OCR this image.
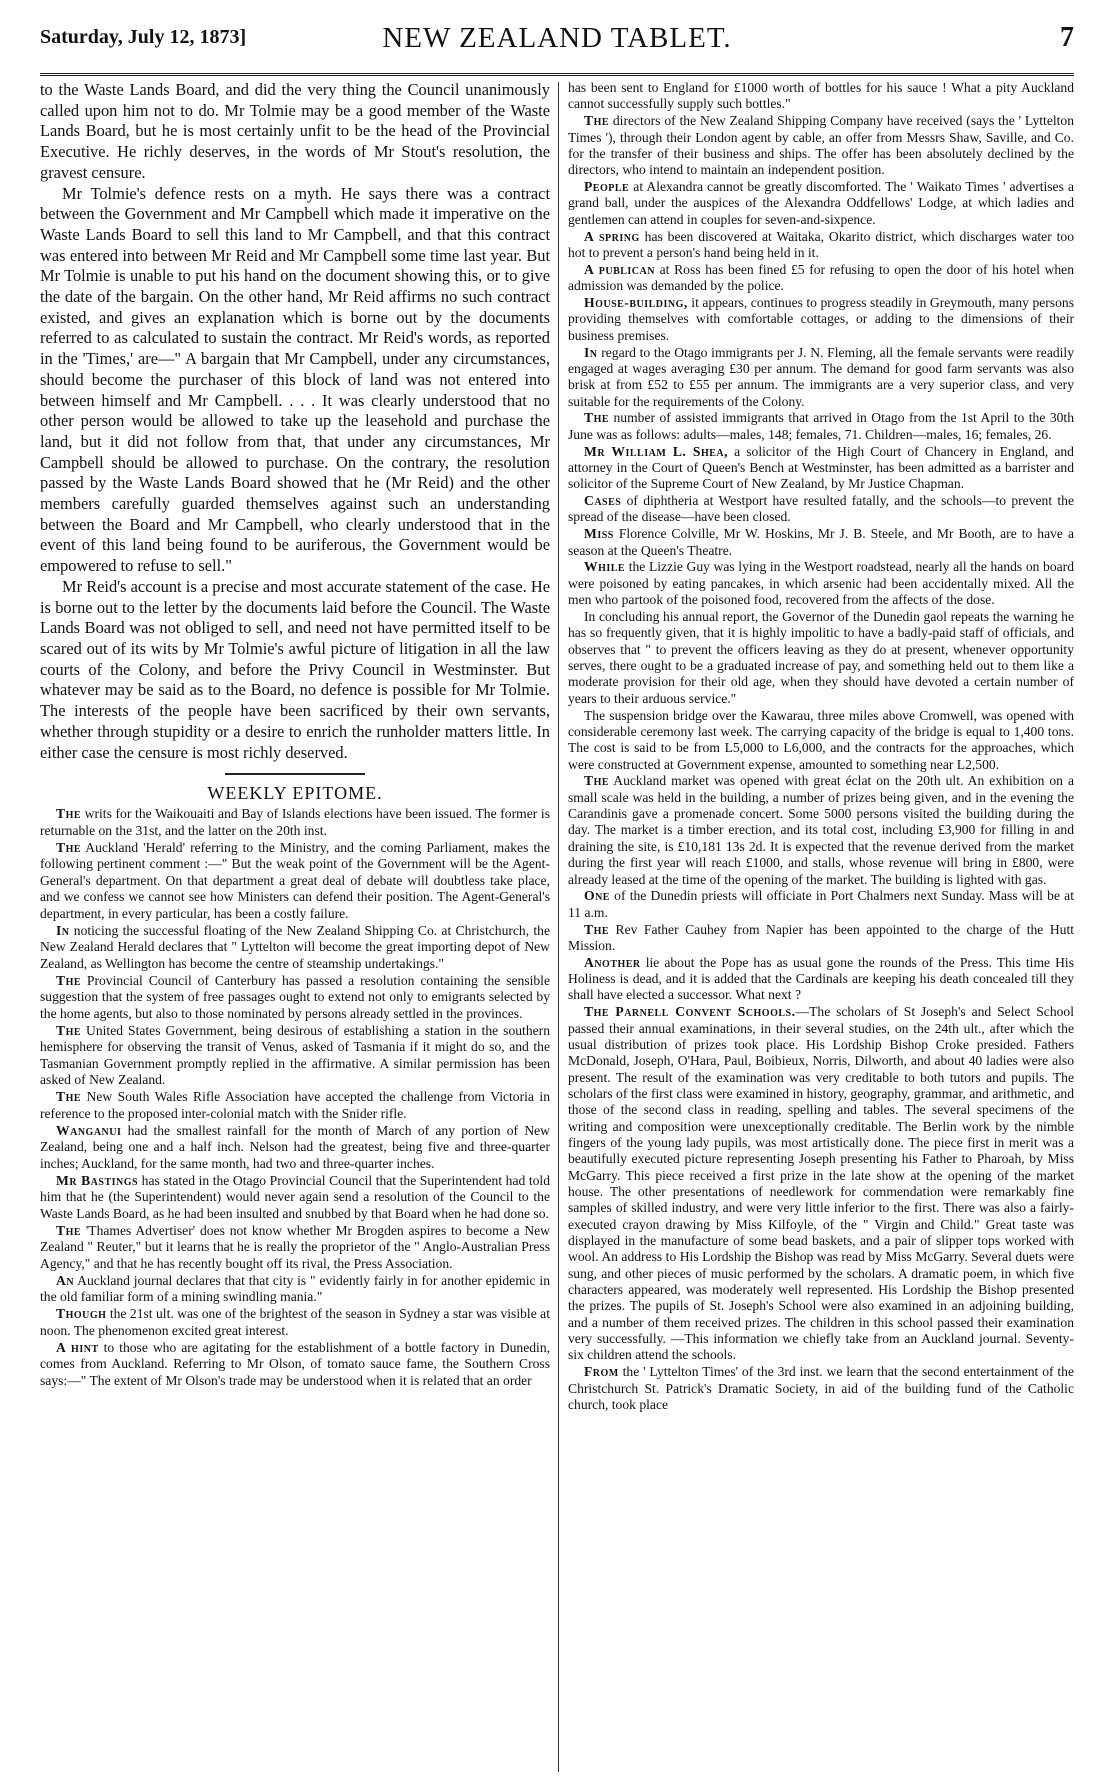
Saturday, July 12, 1873]	NEW ZEALAND TABLET.	7

to the Waste Lands Board, and did the very thing the Council unanimously called upon him not to do. Mr Tolmie may be a good member of the Waste Lands Board, but he is most certainly unfit to be the head of the Provincial Executive. He richly deserves, in the words of Mr Stout's resolution, the gravest censure.

Mr Tolmie's defence rests on a myth. He says there was a contract between the Government and Mr Campbell which made it imperative on the Waste Lands Board to sell this land to Mr Campbell, and that this contract was entered into between Mr Reid and Mr Campbell some time last year. But Mr Tolmie is unable to put his hand on the document showing this, or to give the date of the bargain. On the other hand, Mr Reid affirms no such contract existed, and gives an explanation which is borne out by the documents referred to as calculated to sustain the contract. Mr Reid's words, as reported in the 'Times,' are—" A bargain that Mr Campbell, under any circumstances, should become the purchaser of this block of land was not entered into between himself and Mr Campbell. . . . It was clearly understood that no other person would be allowed to take up the leasehold and purchase the land, but it did not follow from that, that under any circumstances, Mr Campbell should be allowed to purchase. On the contrary, the resolution passed by the Waste Lands Board showed that he (Mr Reid) and the other members carefully guarded themselves against such an understanding between the Board and Mr Campbell, who clearly understood that in the event of this land being found to be auriferous, the Government would be empowered to refuse to sell."

Mr Reid's account is a precise and most accurate statement of the case. He is borne out to the letter by the documents laid before the Council. The Waste Lands Board was not obliged to sell, and need not have permitted itself to be scared out of its wits by Mr Tolmie's awful picture of litigation in all the law courts of the Colony, and before the Privy Council in Westminster. But whatever may be said as to the Board, no defence is possible for Mr Tolmie. The interests of the people have been sacrificed by their own servants, whether through stupidity or a desire to enrich the runholder matters little. In either case the censure is most richly deserved.

WEEKLY EPITOME.

The writs for the Waikouaiti and Bay of Islands elections have been issued. The former is returnable on the 31st, and the latter on the 20th inst.

The Auckland 'Herald' referring to the Ministry, and the coming Parliament, makes the following pertinent comment :—" But the weak point of the Government will be the Agent-General's department. On that department a great deal of debate will doubtless take place, and we confess we cannot see how Ministers can defend their position. The Agent-General's department, in every particular, has been a costly failure.

In noticing the successful floating of the New Zealand Shipping Co. at Christchurch, the New Zealand Herald declares that " Lyttelton will become the great importing depot of New Zealand, as Wellington has become the centre of steamship undertakings."

The Provincial Council of Canterbury has passed a resolution containing the sensible suggestion that the system of free passages ought to extend not only to emigrants selected by the home agents, but also to those nominated by persons already settled in the provinces.

The United States Government, being desirous of establishing a station in the southern hemisphere for observing the transit of Venus, asked of Tasmania if it might do so, and the Tasmanian Government promptly replied in the affirmative. A similar permission has been asked of New Zealand.

The New South Wales Rifle Association have accepted the challenge from Victoria in reference to the proposed inter-colonial match with the Snider rifle.

Wanganui had the smallest rainfall for the month of March of any portion of New Zealand, being one and a half inch. Nelson had the greatest, being five and three-quarter inches; Auckland, for the same month, had two and three-quarter inches.

Mr Bastings has stated in the Otago Provincial Council that the Superintendent had told him that he (the Superintendent) would never again send a resolution of the Council to the Waste Lands Board, as he had been insulted and snubbed by that Board when he had done so.

The 'Thames Advertiser' does not know whether Mr Brogden aspires to become a New Zealand " Reuter," but it learns that he is really the proprietor of the " Anglo-Australian Press Agency," and that he has recently bought off its rival, the Press Association.

An Auckland journal declares that that city is " evidently fairly in for another epidemic in the old familiar form of a mining swindling mania."

Though the 21st ult. was one of the brightest of the season in Sydney a star was visible at noon. The phenomenon excited great interest.

A hint to those who are agitating for the establishment of a bottle factory in Dunedin, comes from Auckland. Referring to Mr Olson, of tomato sauce fame, the Southern Cross says:—" The extent of Mr Olson's trade may be understood when it is related that an order

has been sent to England for £1000 worth of bottles for his sauce ! What a pity Auckland cannot successfully supply such bottles."

The directors of the New Zealand Shipping Company have received (says the ' Lyttelton Times '), through their London agent by cable, an offer from Messrs Shaw, Saville, and Co. for the transfer of their business and ships. The offer has been absolutely declined by the directors, who intend to maintain an independent position.

People at Alexandra cannot be greatly discomforted. The ' Waikato Times ' advertises a grand ball, under the auspices of the Alexandra Oddfellows' Lodge, at which ladies and gentlemen can attend in couples for seven-and-sixpence.

A spring has been discovered at Waitaka, Okarito district, which discharges water too hot to prevent a person's hand being held in it.

A publican at Ross has been fined £5 for refusing to open the door of his hotel when admission was demanded by the police.

House-building, it appears, continues to progress steadily in Greymouth, many persons providing themselves with comfortable cottages, or adding to the dimensions of their business premises.

In regard to the Otago immigrants per J. N. Fleming, all the female servants were readily engaged at wages averaging £30 per annum. The demand for good farm servants was also brisk at from £52 to £55 per annum. The immigrants are a very superior class, and very suitable for the requirements of the Colony.

The number of assisted immigrants that arrived in Otago from the 1st April to the 30th June was as follows: adults—males, 148; females, 71. Children—males, 16; females, 26.

Mr William L. Shea, a solicitor of the High Court of Chancery in England, and attorney in the Court of Queen's Bench at Westminster, has been admitted as a barrister and solicitor of the Supreme Court of New Zealand, by Mr Justice Chapman.

Cases of diphtheria at Westport have resulted fatally, and the schools—to prevent the spread of the disease—have been closed.

Miss Florence Colville, Mr W. Hoskins, Mr J. B. Steele, and Mr Booth, are to have a season at the Queen's Theatre.

While the Lizzie Guy was lying in the Westport roadstead, nearly all the hands on board were poisoned by eating pancakes, in which arsenic had been accidentally mixed. All the men who partook of the poisoned food, recovered from the affects of the dose.

In concluding his annual report, the Governor of the Dunedin gaol repeats the warning he has so frequently given, that it is highly impolitic to have a badly-paid staff of officials, and observes that " to prevent the officers leaving as they do at present, whenever opportunity serves, there ought to be a graduated increase of pay, and something held out to them like a moderate provision for their old age, when they should have devoted a certain number of years to their arduous service."

The suspension bridge over the Kawarau, three miles above Cromwell, was opened with considerable ceremony last week. The carrying capacity of the bridge is equal to 1,400 tons. The cost is said to be from L5,000 to L6,000, and the contracts for the approaches, which were constructed at Government expense, amounted to something near L2,500.

The Auckland market was opened with great éclat on the 20th ult. An exhibition on a small scale was held in the building, a number of prizes being given, and in the evening the Carandinis gave a promenade concert. Some 5000 persons visited the building during the day. The market is a timber erection, and its total cost, including £3,900 for filling in and draining the site, is £10,181 13s 2d. It is expected that the revenue derived from the market during the first year will reach £1000, and stalls, whose revenue will bring in £800, were already leased at the time of the opening of the market. The building is lighted with gas.

One of the Dunedin priests will officiate in Port Chalmers next Sunday. Mass will be at 11 a.m.

The Rev Father Cauhey from Napier has been appointed to the charge of the Hutt Mission.

Another lie about the Pope has as usual gone the rounds of the Press. This time His Holiness is dead, and it is added that the Cardinals are keeping his death concealed till they shall have elected a successor. What next ?

The Parnell Convent Schools.—The scholars of St Joseph's and Select School passed their annual examinations, in their several studies, on the 24th ult., after which the usual distribution of prizes took place. His Lordship Bishop Croke presided. Fathers McDonald, Joseph, O'Hara, Paul, Boibieux, Norris, Dilworth, and about 40 ladies were also present. The result of the examination was very creditable to both tutors and pupils. The scholars of the first class were examined in history, geography, grammar, and arithmetic, and those of the second class in reading, spelling and tables. The several specimens of the writing and composition were unexceptionally creditable. The Berlin work by the nimble fingers of the young lady pupils, was most artistically done. The piece first in merit was a beautifully executed picture representing Joseph presenting his Father to Pharoah, by Miss McGarry. This piece received a first prize in the late show at the opening of the market house. The other presentations of needlework for commendation were remarkably fine samples of skilled industry, and were very little inferior to the first. There was also a fairly-executed crayon drawing by Miss Kilfoyle, of the " Virgin and Child." Great taste was displayed in the manufacture of some bead baskets, and a pair of slipper tops worked with wool. An address to His Lordship the Bishop was read by Miss McGarry. Several duets were sung, and other pieces of music performed by the scholars. A dramatic poem, in which five characters appeared, was moderately well represented. His Lordship the Bishop presented the prizes. The pupils of St. Joseph's School were also examined in an adjoining building, and a number of them received prizes. The children in this school passed their examination very successfully. —This information we chiefly take from an Auckland journal. Seventy-six children attend the schools.

From the ' Lyttelton Times' of the 3rd inst. we learn that the second entertainment of the Christchurch St. Patrick's Dramatic Society, in aid of the building fund of the Catholic church, took place
